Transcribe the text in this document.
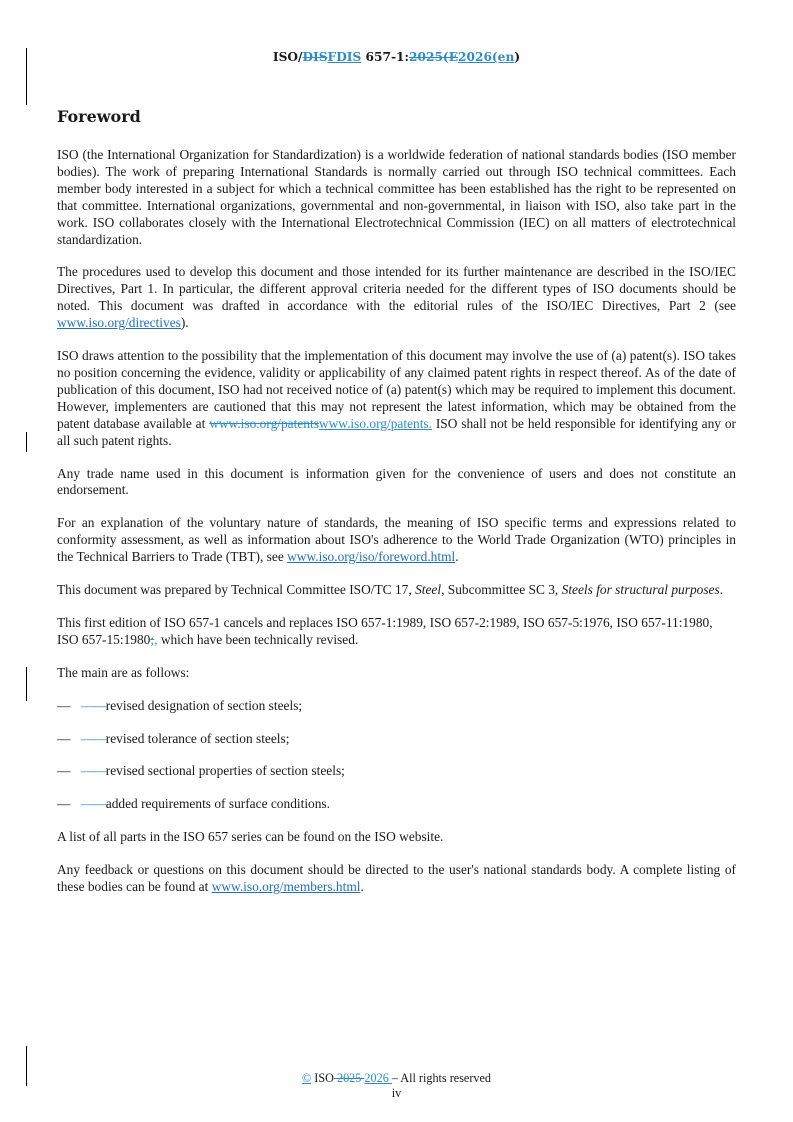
ISO/DISFDIS 657-1:2025(E2026(en)
Foreword

ISO (the International Organization for Standardization) is a worldwide federation of national standards bodies (ISO member bodies). The work of preparing International Standards is normally carried out through ISO technical committees. Each member body interested in a subject for which a technical committee has been established has the right to be represented on that committee. International organizations, governmental and non-governmental, in liaison with ISO, also take part in the work. ISO collaborates closely with the International Electrotechnical Commission (IEC) on all matters of electrotechnical standardization.

The procedures used to develop this document and those intended for its further maintenance are described in the ISO/IEC Directives, Part 1. In particular, the different approval criteria needed for the different types of ISO documents should be noted. This document was drafted in accordance with the editorial rules of the ISO/IEC Directives, Part 2 (see www.iso.org/directives).

ISO draws attention to the possibility that the implementation of this document may involve the use of (a) patent(s). ISO takes no position concerning the evidence, validity or applicability of any claimed patent rights in respect thereof. As of the date of publication of this document, ISO had not received notice of (a) patent(s) which may be required to implement this document. However, implementers are cautioned that this may not represent the latest information, which may be obtained from the patent database available at www.iso.org/patentswww.iso.org/patents. ISO shall not be held responsible for identifying any or all such patent rights.

Any trade name used in this document is information given for the convenience of users and does not constitute an endorsement.

For an explanation of the voluntary nature of standards, the meaning of ISO specific terms and expressions related to conformity assessment, as well as information about ISO's adherence to the World Trade Organization (WTO) principles in the Technical Barriers to Trade (TBT), see www.iso.org/iso/foreword.html.

This document was prepared by Technical Committee ISO/TC 17, Steel, Subcommittee SC 3, Steels for structural purposes.

This first edition of ISO 657-1 cancels and replaces ISO 657-1:1989, ISO 657-2:1989, ISO 657-5:1976, ISO 657-11:1980, ISO 657-15:1980;, which have been technically revised.

The main are as follows:

— —— revised designation of section steels;
— —— revised tolerance of section steels;
— —— revised sectional properties of section steels;
— —— added requirements of surface conditions.

A list of all parts in the ISO 657 series can be found on the ISO website.

Any feedback or questions on this document should be directed to the user's national standards body. A complete listing of these bodies can be found at www.iso.org/members.html.

© ISO 2025 2026 – All rights reserved
iv
